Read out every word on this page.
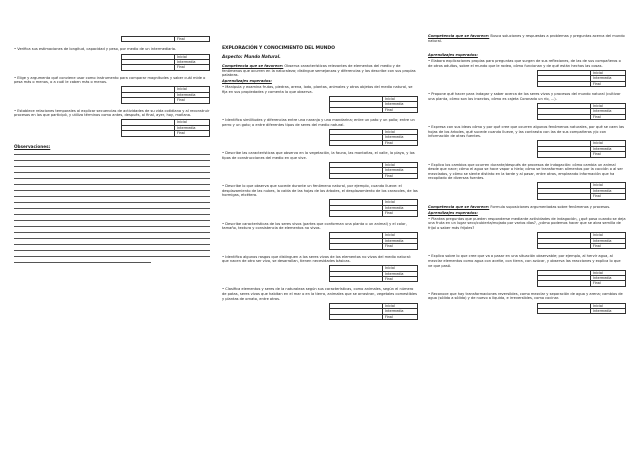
	Final

• Verifica sus estimaciones de longitud, capacidad y peso, por medio de un intermediario.

	Inicial
	Intermedia
	Final

• Elige y argumenta qué conviene usar como instrumento para comparar magnitudes y saber cuál mide o pesa más o menos, o a cuál le caben más o menos.

	Inicial
	Intermedia
	Final

• Establece relaciones temporales al explicar secuencias de actividades de su vida cotidiana y al reconstruir procesos en los que participó, y utiliza términos como antes, después, al final, ayer, hoy, mañana.

	Inicial
	Intermedia
	Final
Observaciones:
EXPLORACIÓN Y CONOCIMIENTO DEL MUNDO
Aspecto: Mundo Natural.

Competencia que se favorece: Observa características relevantes de elementos del medio y de fenómenos que ocurren en la naturaleza; distingue semejanzas y diferencias y las describe con sus propias palabras.

Aprendizajes esperados:

• Manipula y examina frutas, piedras, arena, lodo, plantas, animales y otros objetos del medio natural, se fija en sus propiedades y comenta lo que observa.

	Inicial
	Intermedia
	Final

• Identifica similitudes y diferencias entre una naranja y una mandarina; entre un pato y un pollo; entre un perro y un gato; o entre diferentes tipos de seres del medio natural.

	Inicial
	Intermedia
	Final

• Describe las características que observa en la vegetación, la fauna, las montañas, el valle, la playa, y los tipos de construcciones del medio en que vive.

	Inicial
	Intermedia
	Final

• Describe lo que observa que sucede durante un fenómeno natural, por ejemplo, cuando llueve: el desplazamiento de las nubes, la caída de las hojas de los árboles, el desplazamiento de los caracoles, de las hormigas, etcétera.

	Inicial
	Intermedia
	Final

• Describe características de los seres vivos (partes que conforman una planta o un animal) y el color, tamaño, textura y consistencia de elementos no vivos.

	Inicial
	Intermedia
	Final

• Identifica algunos rasgos que distinguen a los seres vivos de los elementos no vivos del medio natural: que nacen de otro ser vivo, se desarrollan, tienen necesidades básicas.

	Inicial
	Intermedia
	Final

• Clasifica elementos y seres de la naturaleza según sus características, como animales, según el número de patas, seres vivos que habitan en el mar o en la tierra, animales que se arrastran, vegetales comestibles y plantas de ornato, entre otros.

	Inicial
	Intermedia
	Final

Competencia que se favorece: Busca soluciones y respuestas a problemas y preguntas acerca del mundo natural.

Aprendizajes esperados:

• Elabora explicaciones propias para preguntas que surgen de sus reflexiones, de las de sus compañeros o de otros adultos, sobre el mundo que le rodea, cómo funcionan y de qué están hechas las cosas.

	Inicial
	Intermedia
	Final

• Propone qué hacer para indagar y saber acerca de los seres vivos y procesos del mundo natural (cultivar una planta, cómo son los insectos, cómo es cajeta Coronado un río, ...).

	Inicial
	Intermedia
	Final

• Expresa con sus ideas cómo y por qué cree que ocurren algunos fenómenos naturales, por qué se caen las hojas de los árboles, qué sucede cuando llueve, y las contrasta con las de sus compañeros y/o con información de otras fuentes.

	Inicial
	Intermedia
	Final

• Explica los cambios que ocurren durante/después de procesos de indagación: cómo cambia un animal desde que nace; cómo el agua se hace vapor o hielo; cómo se transforman alimentos por la cocción o al ser mezclados, y cómo se siente distinto en la tarde y al pasar, entre otros, empleando información que ha recopilado de diversas fuentes.

	Inicial
	Intermedia
	Final

Competencia que se favorece: Formula suposiciones argumentadas sobre fenómenos y procesos.

Aprendizajes esperados:

• Plantea preguntas que pueden responderse mediante actividades de indagación, ¿qué pasa cuando se deja una fruta en un lugar seco/cubierta/mojado por varios días?, ¿cómo podemos hacer que se abra semilla de frijol o saber más frijoles?

	Inicial
	Intermedia
	Final

• Explica sobre lo que cree que va a pasar en una situación observable; por ejemplo, al hervir agua, al mezclar elementos como agua con aceite, con tierra, con azúcar, y observa las reacciones y explica lo que ve que pasó.

	Inicial
	Intermedia
	Final

• Reconoce que hay transformaciones reversibles, como mezclar y separación de agua y arena; cambios de agua (sólida a sólida) y de nuevo a líquida, e irreversibles, como cocinar.

	Inicial
	Intermedia
